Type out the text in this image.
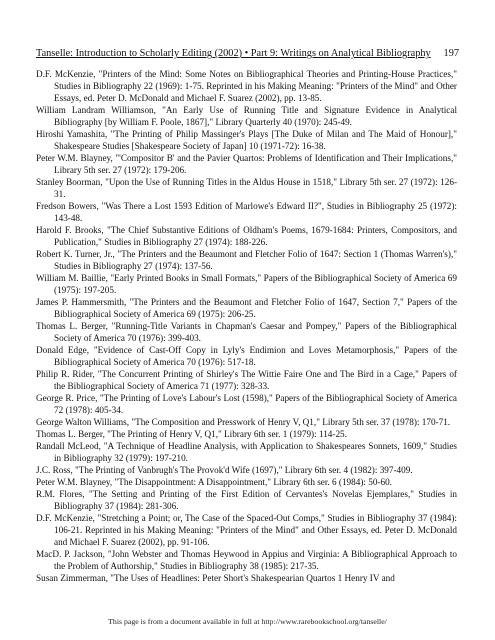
Tanselle: Introduction to Scholarly Editing (2002) • Part 9: Writings on Analytical Bibliography 197

D.F. McKenzie, "Printers of the Mind: Some Notes on Bibliographical Theories and Printing-House Practices," Studies in Bibliography 22 (1969): 1-75. Reprinted in his Making Meaning: "Printers of the Mind" and Other Essays, ed. Peter D. McDonald and Michael F. Suarez (2002), pp. 13-85.

William Landram Williamson, "An Early Use of Running Title and Signature Evidence in Analytical Bibliography [by William F. Poole, 1867]," Library Quarterly 40 (1970): 245-49.

Hiroshi Yamashita, "The Printing of Philip Massinger's Plays [The Duke of Milan and The Maid of Honour]," Shakespeare Studies [Shakespeare Society of Japan] 10 (1971-72): 16-38.

Peter W.M. Blayney, "'Compositor B' and the Pavier Quartos: Problems of Identification and Their Implications," Library 5th ser. 27 (1972): 179-206.

Stanley Boorman, "Upon the Use of Running Titles in the Aldus House in 1518," Library 5th ser. 27 (1972): 126-31.

Fredson Bowers, "Was There a Lost 1593 Edition of Marlowe's Edward II?", Studies in Bibliography 25 (1972): 143-48.

Harold F. Brooks, "The Chief Substantive Editions of Oldham's Poems, 1679-1684: Printers, Compositors, and Publication," Studies in Bibliography 27 (1974): 188-226.

Robert K. Turner, Jr., "The Printers and the Beaumont and Fletcher Folio of 1647: Section 1 (Thomas Warren's)," Studies in Bibliography 27 (1974): 137-56.

William M. Baillie, "Early Printed Books in Small Formats," Papers of the Bibliographical Society of America 69 (1975): 197-205.

James P. Hammersmith, "The Printers and the Beaumont and Fletcher Folio of 1647, Section 7," Papers of the Bibliographical Society of America 69 (1975): 206-25.

Thomas L. Berger, "Running-Title Variants in Chapman's Caesar and Pompey," Papers of the Bibliographical Society of America 70 (1976): 399-403.

Donald Edge, "Evidence of Cast-Off Copy in Lyly's Endimion and Loves Metamorphosis," Papers of the Bibliographical Society of America 70 (1976): 517-18.

Philip R. Rider, "The Concurrent Printing of Shirley's The Wittie Faire One and The Bird in a Cage," Papers of the Bibliographical Society of America 71 (1977): 328-33.

George R. Price, "The Printing of Love's Labour's Lost (1598)," Papers of the Bibliographical Society of America 72 (1978): 405-34.

George Walton Williams, "The Composition and Presswork of Henry V, Q1," Library 5th ser. 37 (1978): 170-71.

Thomas L. Berger, "The Printing of Henry V, Q1," Library 6th ser. 1 (1979): 114-25.

Randall McLeod, "A Technique of Headline Analysis, with Application to Shakespeares Sonnets, 1609," Studies in Bibliography 32 (1979): 197-210.

J.C. Ross, "The Printing of Vanbrugh's The Provok'd Wife (1697)," Library 6th ser. 4 (1982): 397-409.

Peter W.M. Blayney, "The Disappointment: A Disappointment," Library 6th ser. 6 (1984): 50-60.

R.M. Flores, "The Setting and Printing of the First Edition of Cervantes's Novelas Ejemplares," Studies in Bibliography 37 (1984): 281-306.

D.F. McKenzie, "Stretching a Point; or, The Case of the Spaced-Out Comps," Studies in Bibliography 37 (1984): 106-21. Reprinted in his Making Meaning: "Printers of the Mind" and Other Essays, ed. Peter D. McDonald and Michael F. Suarez (2002), pp. 91-106.

MacD. P. Jackson, "John Webster and Thomas Heywood in Appius and Virginia: A Bibliographical Approach to the Problem of Authorship," Studies in Bibliography 38 (1985): 217-35.

Susan Zimmerman, "The Uses of Headlines: Peter Short's Shakespearian Quartos 1 Henry IV and

This page is from a document available in full at http://www.rarebookschool.org/tanselle/
